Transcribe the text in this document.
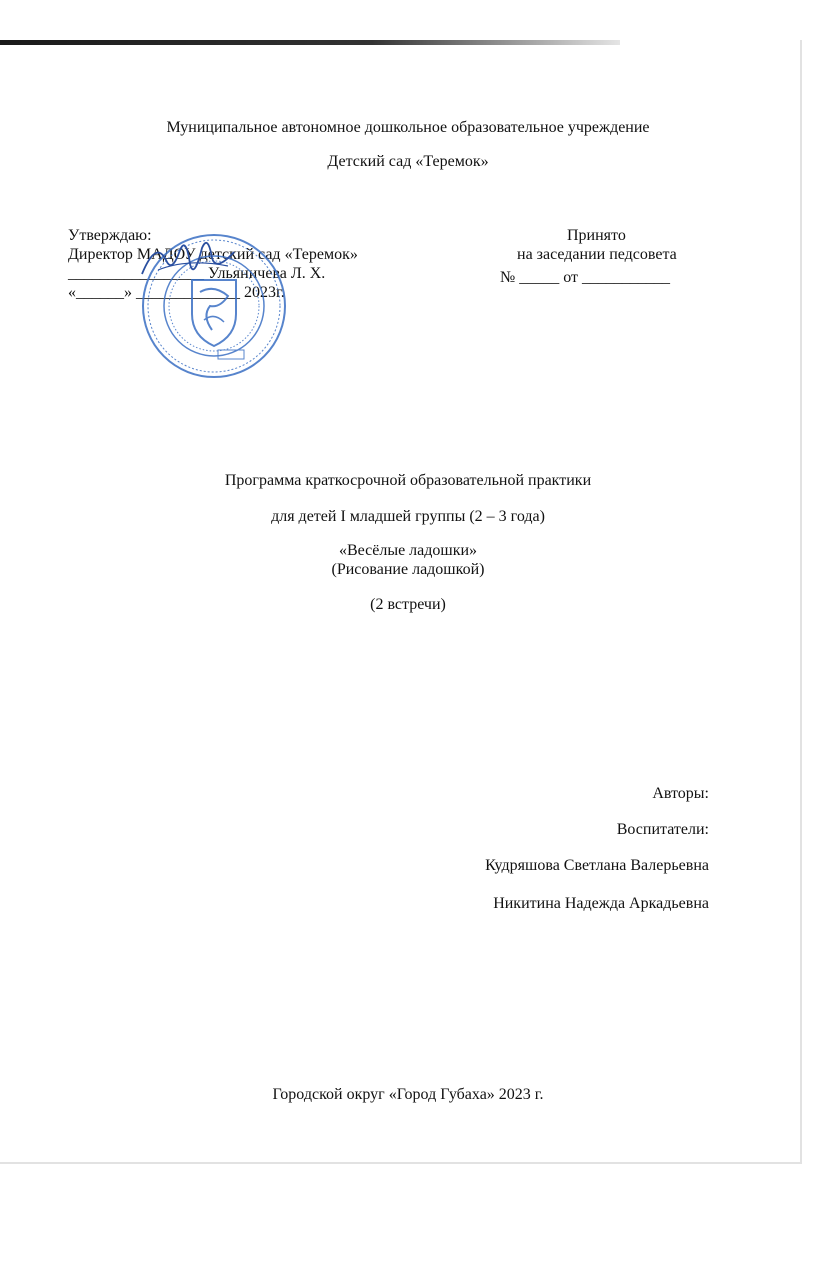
Муниципальное автономное дошкольное образовательное учреждение
Детский сад «Теремок»
Утверждаю:
Директор МАДОУ детский сад «Теремок»
_________________ Ульяничева Л. Х.
«______» _____________ 2023г.
Принято
на заседании педсовета
№ _____ от ___________
Программа краткосрочной образовательной практики
для детей I младшей группы (2 – 3 года)
«Весёлые ладошки»
(Рисование ладошкой)
(2 встречи)
Авторы:
Воспитатели:
Кудряшова Светлана Валерьевна
Никитина Надежда Аркадьевна
Городской округ «Город Губаха» 2023 г.
